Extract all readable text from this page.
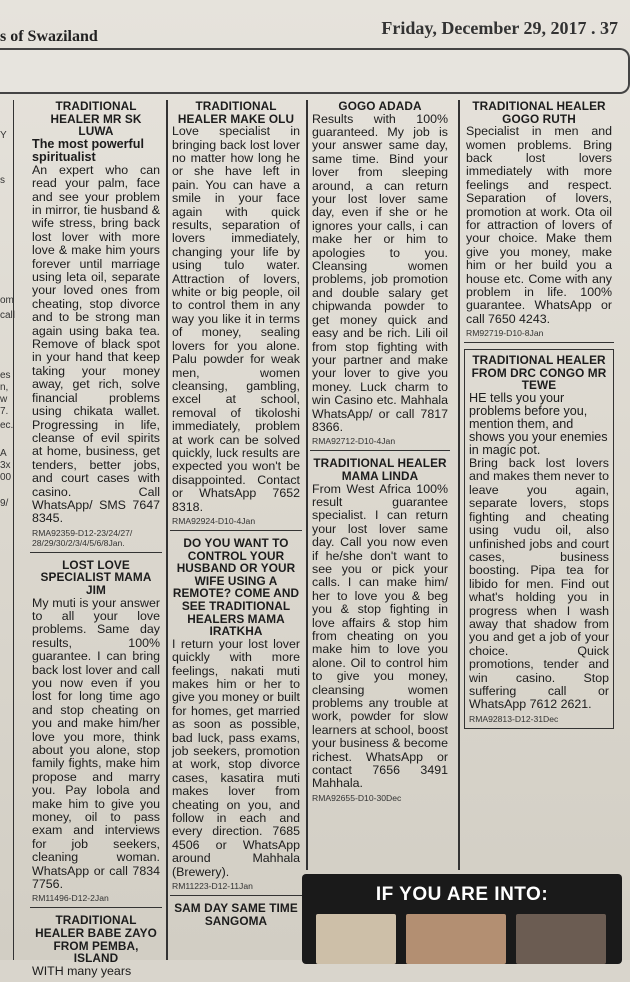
s of Swaziland	Friday, December 29, 2017 . 37
Y
s
om
call
es
n,
w
7.
ec.
A
3x
00
9/
TRADITIONAL HEALER MR SK LUWA
The most powerful spiritualist
An expert who can read your palm, face and see your problem in mirror, tie husband & wife stress, bring back lost lover with more love & make him yours forever until marriage using leta oil, separate your loved ones from cheating, stop divorce and to be strong man again using baka tea. Remove of black spot in your hand that keep taking your money away, get rich, solve financial problems using chikata wallet. Progressing in life, cleanse of evil spirits at home, business, get tenders, better jobs, and court cases with casino. Call WhatsApp/ SMS 7647 8345.
RMA92359-D12-23/24/27/ 28/29/30/2/3/4/5/6/8Jan.
LOST LOVE SPECIALIST MAMA JIM
My muti is your answer to all your love problems. Same day results, 100% guarantee. I can bring back lost lover and call you now even if you lost for long time ago and stop cheating on you and make him/her love you more, think about you alone, stop family fights, make him propose and marry you. Pay lobola and make him to give you money, oil to pass exam and interviews for job seekers, cleaning woman. WhatsApp or call 7834 7756.
RM11496-D12-2Jan
TRADITIONAL HEALER BABE ZAYO FROM PEMBA, ISLAND
WITH many years
TRADITIONAL HEALER MAKE OLU
Love specialist in bringing back lost lover no matter how long he or she have left in pain. You can have a smile in your face again with quick results, separation of lovers immediately, changing your life by using tulo water. Attraction of lovers, white or big people, oil to control them in any way you like it in terms of money, sealing lovers for you alone. Palu powder for weak men, women cleansing, gambling, excel at school, removal of tikoloshi immediately, problem at work can be solved quickly, luck results are expected you won't be disappointed. Contact or WhatsApp 7652 8318.
RMA92924-D10-4Jan
DO YOU WANT TO CONTROL YOUR HUSBAND OR YOUR WIFE USING A REMOTE? COME AND SEE TRADITIONAL HEALERS MAMA IRATKHA
I return your lost lover quickly with more feelings, nakati muti makes him or her to give you money or built for homes, get married as soon as possible, bad luck, pass exams, job seekers, promotion at work, stop divorce cases, kasatira muti makes lover from cheating on you, and follow in each and every direction. 7685 4506 or WhatsApp around Mahhala (Brewery).
RM11223-D12-11Jan
SAM DAY SAME TIME SANGOMA
GOGO ADADA
Results with 100% guaranteed. My job is your answer same day, same time. Bind your lover from sleeping around, a can return your lost lover same day, even if she or he ignores your calls, i can make her or him to apologies to you. Cleansing women problems, job promotion and double salary get chipwanda powder to get money quick and easy and be rich. Lili oil from stop fighting with your partner and make your lover to give you money. Luck charm to win Casino etc. Mahhala WhatsApp/ or call 7817 8366.
RMA92712-D10-4Jan
TRADITIONAL HEALER MAMA LINDA
From West Africa 100% result guarantee specialist. I can return your lost lover same day. Call you now even if he/she don't want to see you or pick your calls. I can make him/ her to love you & beg you & stop fighting in love affairs & stop him from cheating on you make him to love you alone. Oil to control him to give you money, cleansing women problems any trouble at work, powder for slow learners at school, boost your business & become richest. WhatsApp or contact 7656 3491 Mahhala.
RMA92655-D10-30Dec
TRADITIONAL HEALER GOGO RUTH
Specialist in men and women problems. Bring back lost lovers immediately with more feelings and respect. Separation of lovers, promotion at work. Ota oil for attraction of lovers of your choice. Make them give you money, make him or her build you a house etc. Come with any problem in life. 100% guarantee. WhatsApp or call 7650 4243.
RM92719-D10-8Jan
TRADITIONAL HEALER FROM DRC CONGO MR TEWE
HE tells you your problems before you, mention them, and shows you your enemies in magic pot.
Bring back lost lovers and makes them never to leave you again, separate lovers, stops fighting and cheating using vudu oil, also unfinished jobs and court cases, business boosting. Pipa tea for libido for men. Find out what's holding you in progress when I wash away that shadow from you and get a job of your choice. Quick promotions, tender and win casino. Stop suffering call or WhatsApp 7612 2621.
RMA92813-D12-31Dec
IF YOU ARE INTO:
